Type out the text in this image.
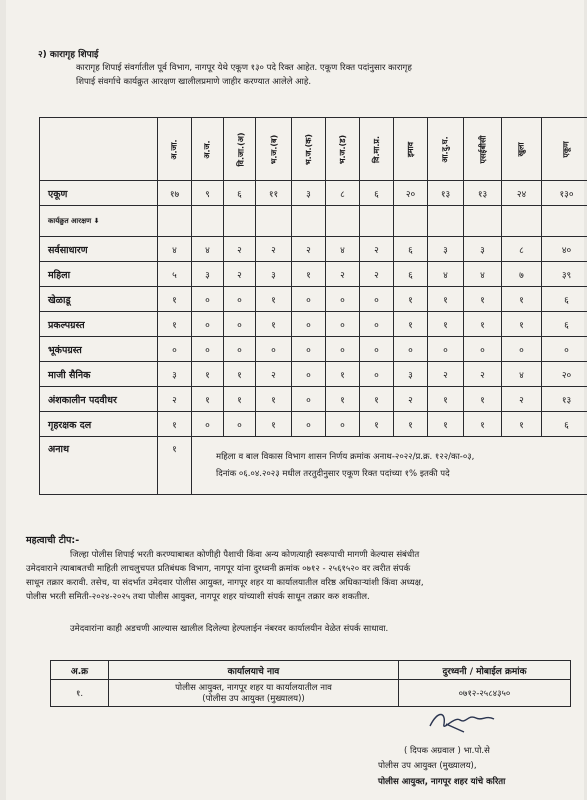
२) कारागृह शिपाई
कारागृह शिपाई संवर्गातील पूर्व विभाग, नागपूर येथे एकूण १३० पदे रिक्त आहेत. एकूण रिक्त पदांनुसार कारागृह
शिपाई संवर्गाचे कार्यक्रुत आरक्षण खालीलप्रमाणे जाहीर करण्यात आलेले आहे.
	अ.जा.	अ.ज.	वि.जा.(अ)	भ.ज.(ब)	भ.ज.(क)	भ.ज.(ड)	वि.मा.प्र.	इमाव	आ.दु.घ.	एसईबीसी	खुला	एकूण
एकूण	१७	९	६	११	३	८	६	२०	१३	१३	२४	१३०
कार्यक्रुत आरक्षण ⬇												
सर्वसाधारण	४	४	२	२	२	४	२	६	३	३	८	४०
महिला	५	३	२	३	१	२	२	६	४	४	७	३९
खेळाडू	१	०	०	१	०	०	०	१	१	१	१	६
प्रकल्पग्रस्त	१	०	०	१	०	०	०	१	१	१	१	६
भूकंपग्रस्त	०	०	०	०	०	०	०	०	०	०	०	०
माजी सैनिक	३	१	१	२	०	१	०	३	२	२	४	२०
अंशकालीन पदवीधर	२	१	१	१	०	१	१	२	१	१	२	१३
गृहरक्षक दल	१	०	०	१	०	०	१	१	१	१	१	६
अनाथ	१	महिला व बाल विकास विभाग शासन निर्णय क्रमांक अनाथ-२०२२/प्र.क्र. १२२/का-०३,
दिनांक ०६.०४.२०२३ मधील तरतुदीनुसार एकूण रिक्त पदांच्या १% इतकी पदे										
महत्वाची टीप:-
जिल्हा पोलीस शिपाई भरती करण्याबाबत कोणीही पैशाची किंवा अन्य कोणत्याही स्वरूपाची मागणी केल्यास संबंधीत
उमेदवाराने त्याबाबतची माहिती लाचलुचपत प्रतिबंधक विभाग, नागपूर यांना दुरध्वनी क्रमांक ०७१२ - २५६१५२० वर त्वरीत संपर्क
साधून तक्रार करावी. तसेच, या संदर्भात उमेदवार पोलीस आयुक्त, नागपूर शहर या कार्यालयातील वरिष्ठ अधिकाऱ्यांशी किंवा अध्यक्ष,
पोलीस भरती समिती-२०२४-२०२५ तथा पोलीस आयुक्त, नागपूर शहर यांच्याशी संपर्क साधून तक्रार करु शकतील.
उमेदवारांना काही अडचणी आल्यास खालील दिलेल्या हेल्पलाईन नंबरवर कार्यालयीन वेळेत संपर्क साधावा.
अ.क्र	कार्यालयाचे नाव	दुरध्वनी / मोबाईल क्रमांक
१.	पोलीस आयुक्त, नागपूर शहर या कार्यालयातील नाव
(पोलीस उप आयुक्त (मुख्यालय))	०७१२-२५८४३५०
( दिपक अग्रवाल ) भा.पो.से
पोलीस उप आयुक्त (मुख्यालय),
पोलीस आयुक्त, नागपूर शहर यांचे करिता
